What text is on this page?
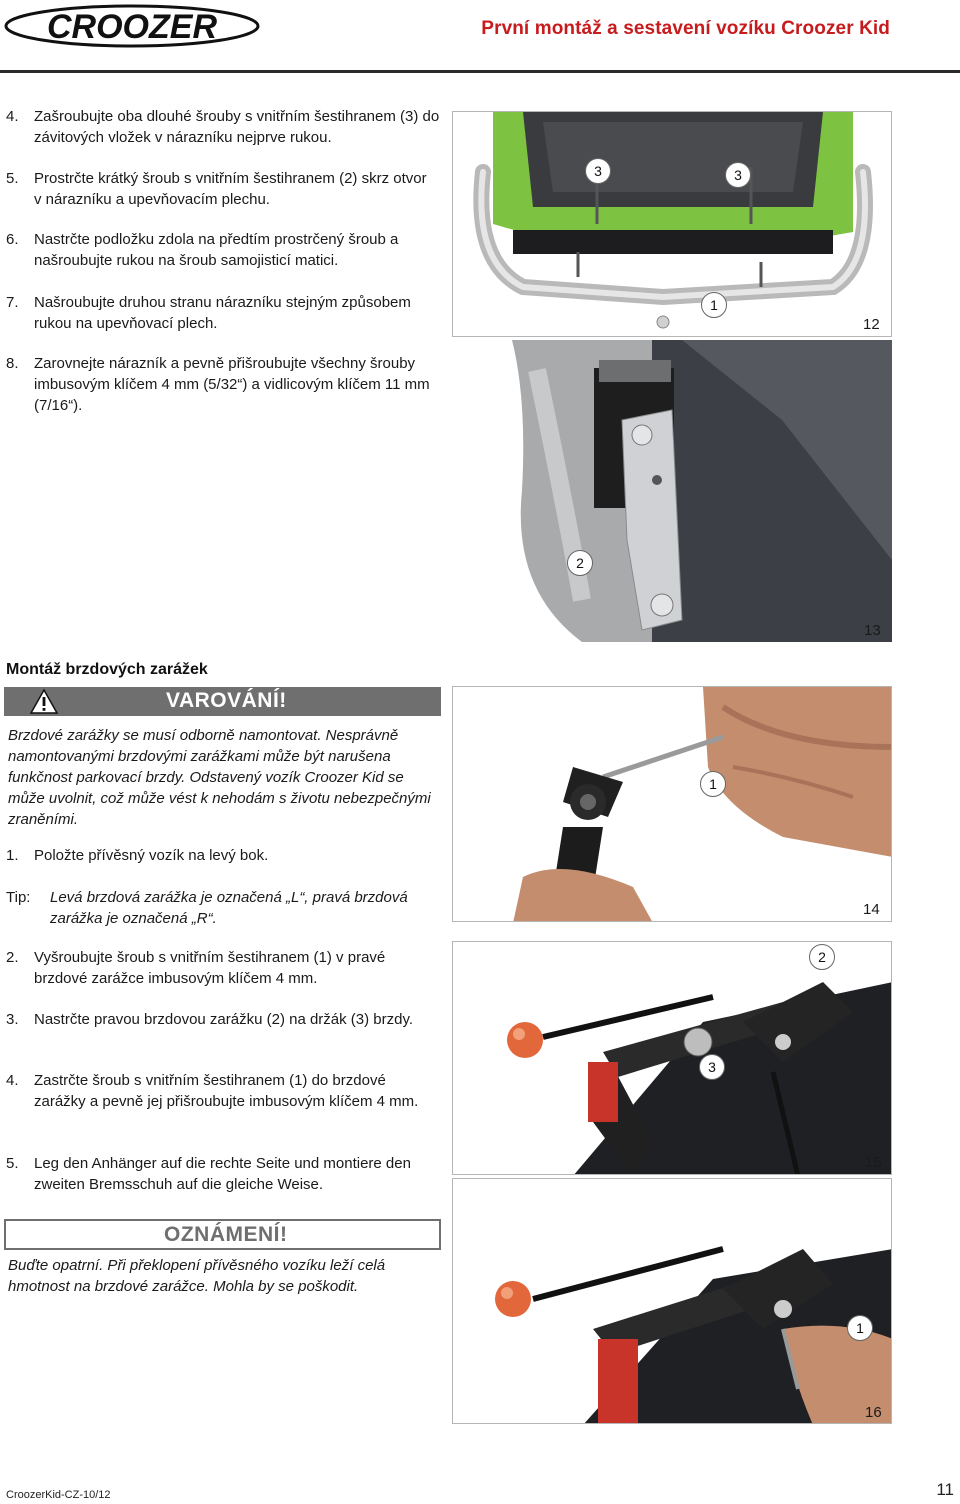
CROOZER	První montáž a sestavení vozíku Croozer Kid
4. Zašroubujte oba dlouhé šrouby s vnitřním šestihranem (3) do závitových vložek v nárazníku nejprve rukou.
5. Prostrčte krátký šroub s vnitřním šestihranem (2) skrz otvor v nárazníku a upevňovacím plechu.
6. Nastrčte podložku zdola na předtím prostrčený šroub a našroubujte rukou na šroub samojisticí matici.
7. Našroubujte druhou stranu nárazníku stejným způsobem rukou na upevňovací plech.
8. Zarovnejte nárazník a pevně přišroubujte všechny šrouby imbusovým klíčem 4 mm (5/32“) a vidlicovým klíčem 11 mm (7/16“).
3	3
1
12
2
13
Montáž brzdových zarážek
VAROVÁNÍ!
Brzdové zarážky se musí odborně namontovat. Nesprávně namontovanými brzdovými zarážkami může být narušena funkčnost parkovací brzdy. Odstavený vozík Croozer Kid se může uvolnit, což může vést k nehodám s životu nebezpečnými zraněními.
1. Položte přívěsný vozík na levý bok.
Tip: Levá brzdová zarážka je označená „L“, pravá brzdová zarážka je označená „R“.
2. Vyšroubujte šroub s vnitřním šestihranem (1) v pravé brzdové zarážce imbusovým klíčem 4 mm.
3. Nastrčte pravou brzdovou zarážku (2) na držák (3) brzdy.
4. Zastrčte šroub s vnitřním šestihranem (1) do brzdové zarážky a pevně jej přišroubujte imbusovým klíčem 4 mm.
5. Leg den Anhänger auf die rechte Seite und montiere den zweiten Bremsschuh auf die gleiche Weise.
OZNÁMENÍ!
Buďte opatrní. Při překlopení přívěsného vozíku leží celá hmotnost na brzdové zarážce. Mohla by se poškodit.
1
14
2
3
15
1
16
CroozerKid-CZ-10/12	11
